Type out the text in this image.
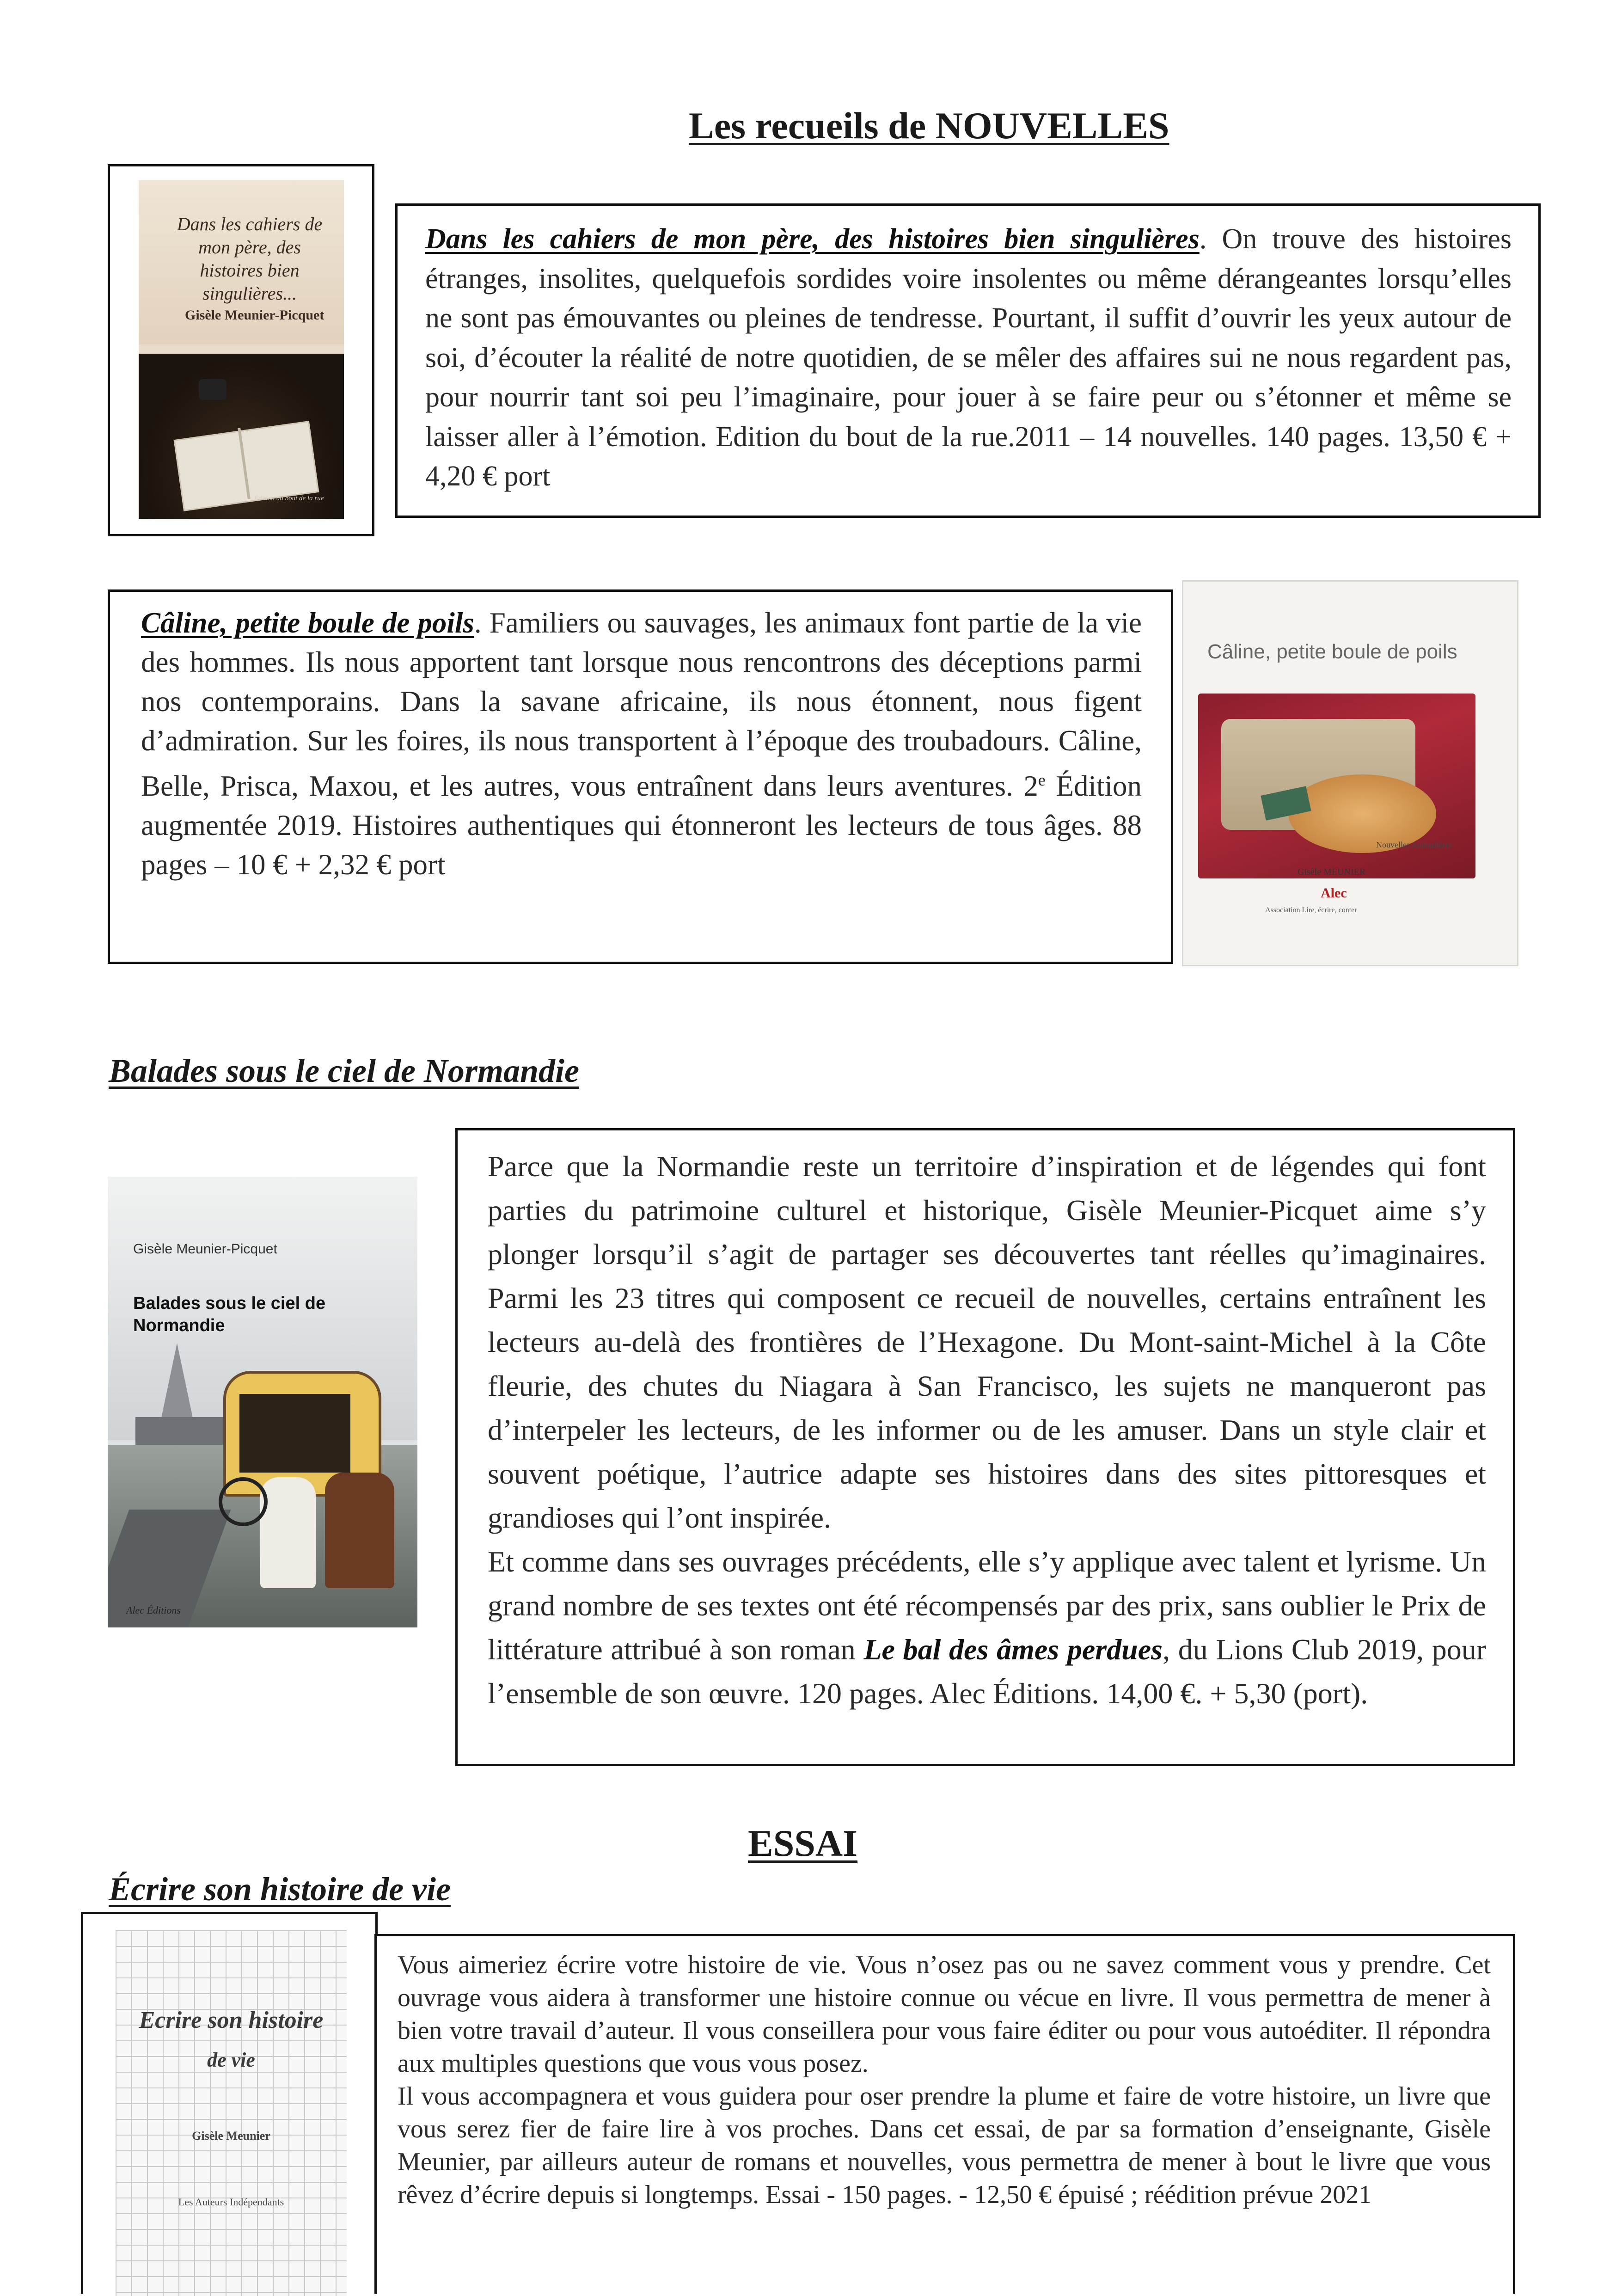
Les recueils de NOUVELLES
Dans les cahiers de mon père, des histoires bien singulières...
Gisèle Meunier-Picquet
Édition du bout de la rue
Dans les cahiers de mon père, des histoires bien singulières. On trouve des histoires étranges, insolites, quelquefois sordides voire insolentes ou même dérangeantes lorsqu’elles ne sont pas émouvantes ou pleines de tendresse. Pourtant, il suffit d’ouvrir les yeux autour de soi, d’écouter la réalité de notre quotidien, de se mêler des affaires sui ne nous regardent pas, pour nourrir tant soi peu l’imaginaire, pour jouer à se faire peur ou s’étonner et même se laisser aller à l’émotion. Edition du bout de la rue.2011 – 14 nouvelles. 140 pages. 13,50 € + 4,20 € port
Câline, petite boule de poils. Familiers ou sauvages, les animaux font partie de la vie des hommes. Ils nous apportent tant lorsque nous rencontrons des déceptions parmi nos contemporains. Dans la savane africaine, ils nous étonnent, nous figent d’admiration. Sur les foires, ils nous transportent à l’époque des troubadours. Câline, Belle, Prisca, Maxou, et les autres, vous entraînent dans leurs aventures. 2e Édition augmentée 2019. Histoires authentiques qui étonneront les lecteurs de tous âges. 88 pages – 10 € + 2,32 € port
Câline, petite boule de poils
Nouvelles Animalières
Gisèle MEUNIER
Alec
Association Lire, écrire, conter
Balades sous le ciel de Normandie
Gisèle Meunier-Picquet
Balades sous le ciel de Normandie
Alec Éditions
Parce que la Normandie reste un territoire d’inspiration et de légendes qui font parties du patrimoine culturel et historique, Gisèle Meunier-Picquet aime s’y plonger lorsqu’il s’agit de partager ses découvertes tant réelles qu’imaginaires. Parmi les 23 titres qui composent ce recueil de nouvelles, certains entraînent les lecteurs au-delà des frontières de l’Hexagone. Du Mont-saint-Michel à la Côte fleurie, des chutes du Niagara à San Francisco, les sujets ne manqueront pas d’interpeler les lecteurs, de les informer ou de les amuser. Dans un style clair et souvent poétique, l’autrice adapte ses histoires dans des sites pittoresques et grandioses qui l’ont inspirée.
Et comme dans ses ouvrages précédents, elle s’y applique avec talent et lyrisme. Un grand nombre de ses textes ont été récompensés par des prix, sans oublier le Prix de littérature attribué à son roman Le bal des âmes perdues, du Lions Club 2019, pour l’ensemble de son œuvre. 120 pages. Alec Éditions. 14,00 €. + 5,30 (port).
ESSAI
Écrire son histoire de vie
Ecrire son histoire
de vie
Gisèle Meunier
Les Auteurs Indépendants
Vous aimeriez écrire votre histoire de vie. Vous n’osez pas ou ne savez comment vous y prendre. Cet ouvrage vous aidera à transformer une histoire connue ou vécue en livre. Il vous permettra de mener à bien votre travail d’auteur. Il vous conseillera pour vous faire éditer ou pour vous autoéditer. Il répondra aux multiples questions que vous vous posez.
Il vous accompagnera et vous guidera pour oser prendre la plume et faire de votre histoire, un livre que vous serez fier de faire lire à vos proches. Dans cet essai, de par sa formation d’enseignante, Gisèle Meunier, par ailleurs auteur de romans et nouvelles, vous permettra de mener à bout le livre que vous rêvez d’écrire depuis si longtemps. Essai - 150 pages. - 12,50 € épuisé ; réédition prévue 2021
